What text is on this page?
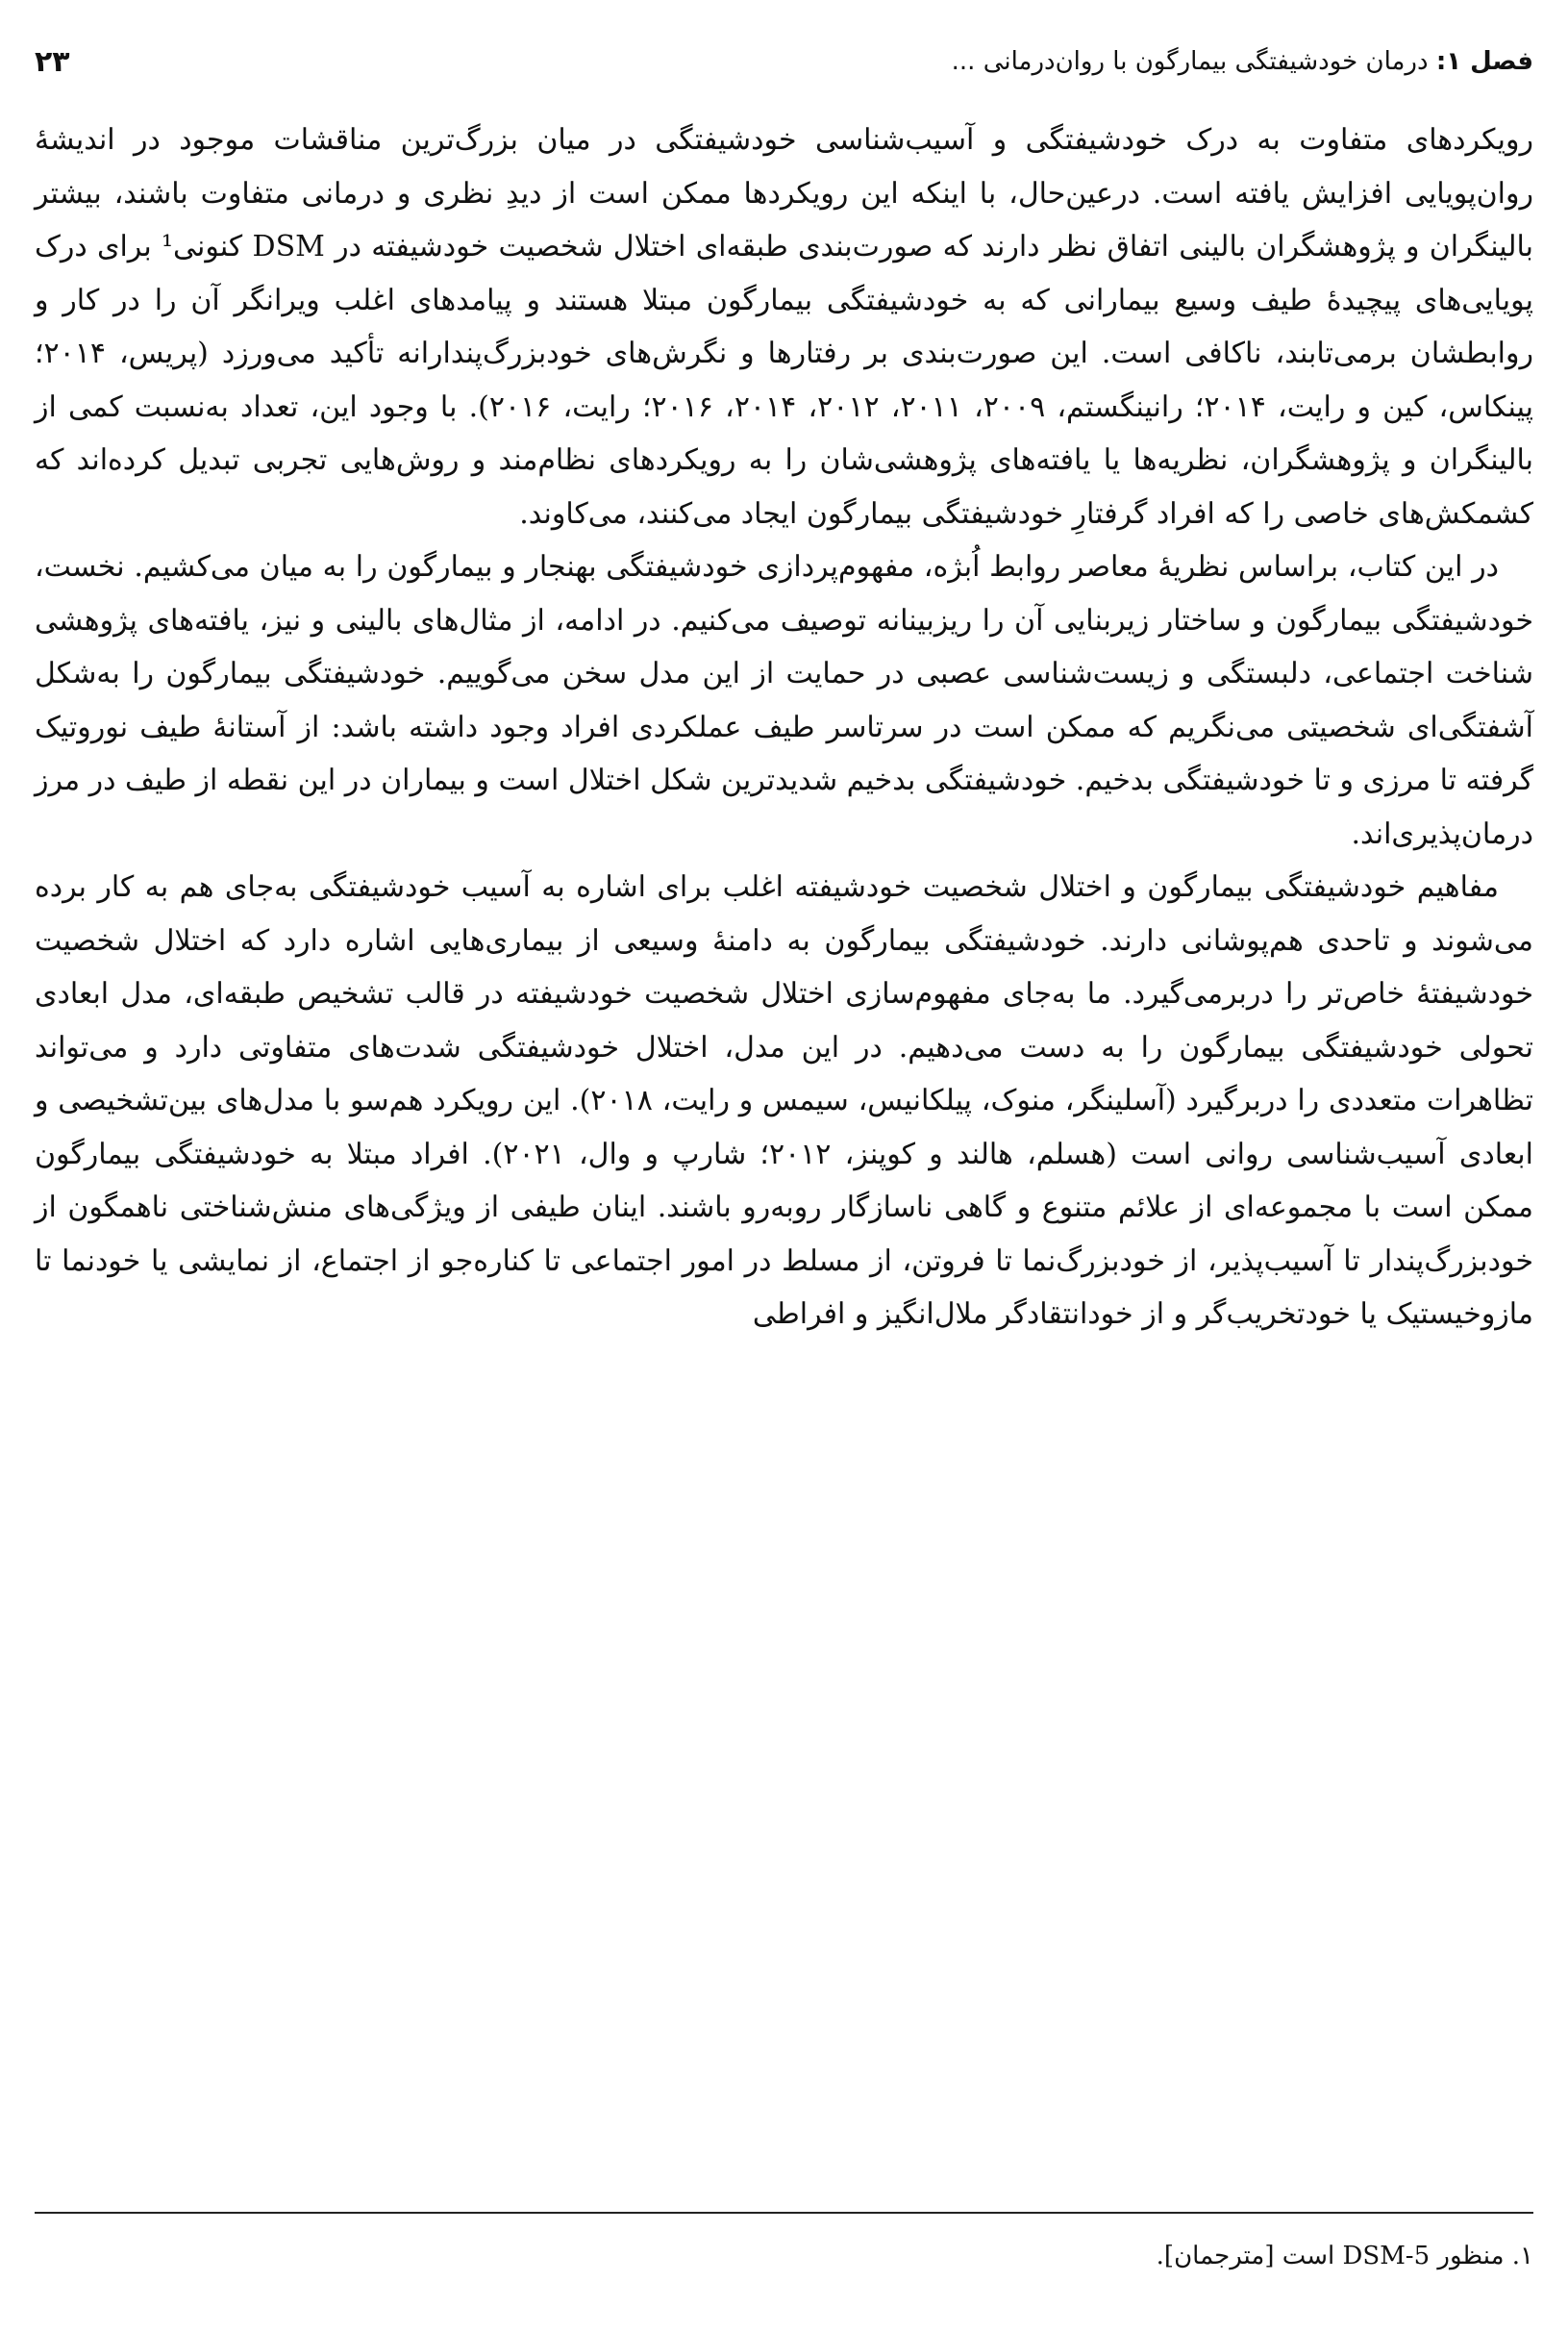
فصل ۱: درمان خودشیفتگی بیمارگون با روان‌درمانی ...
۲۳

رویکردهای متفاوت به درک خودشیفتگی و آسیب‌شناسی خودشیفتگی در میان بزرگ‌ترین مناقشات موجود در اندیشهٔ روان‌پویایی افزایش یافته است. درعین‌حال، با اینکه این رویکردها ممکن است از دیدِ نظری و درمانی متفاوت باشند، بیشتر بالینگران و پژوهشگران بالینی اتفاق نظر دارند که صورت‌بندی طبقه‌ای اختلال شخصیت خودشیفته در DSM کنونی¹ برای درک پویایی‌های پیچیدهٔ طیف وسیع بیمارانی که به خودشیفتگی بیمارگون مبتلا هستند و پیامدهای اغلب ویرانگر آن را در کار و روابطشان برمی‌تابند، ناکافی است. این صورت‌بندی بر رفتارها و نگرش‌های خودبزرگ‌پندارانه تأکید می‌ورزد (پریس، ۲۰۱۴؛ پینکاس، کین و رایت، ۲۰۱۴؛ رانینگستم، ۲۰۰۹، ۲۰۱۱، ۲۰۱۲، ۲۰۱۴، ۲۰۱۶؛ رایت، ۲۰۱۶). با وجود این، تعداد به‌نسبت کمی از بالینگران و پژوهشگران، نظریه‌ها یا یافته‌های پژوهشی‌شان را به رویکردهای نظام‌مند و روش‌هایی تجربی تبدیل کرده‌اند که کشمکش‌های خاصی را که افراد گرفتارِ خودشیفتگی بیمارگون ایجاد می‌کنند، می‌کاوند.

در این کتاب، براساس نظریهٔ معاصر روابط اُبژه، مفهوم‌پردازی خودشیفتگی بهنجار و بیمارگون را به میان می‌کشیم. نخست، خودشیفتگی بیمارگون و ساختار زیربنایی آن را ریزبینانه توصیف می‌کنیم. در ادامه، از مثال‌های بالینی و نیز، یافته‌های پژوهشی شناخت اجتماعی، دلبستگی و زیست‌شناسی عصبی در حمایت از این مدل سخن می‌گوییم. خودشیفتگی بیمارگون را به‌شکل آشفتگی‌ای شخصیتی می‌نگریم که ممکن است در سرتاسر طیف عملکردی افراد وجود داشته باشد: از آستانهٔ طیف نوروتیک گرفته تا مرزی و تا خودشیفتگی بدخیم. خودشیفتگی بدخیم شدیدترین شکل اختلال است و بیماران در این نقطه از طیف در مرز درمان‌پذیری‌اند.

مفاهیم خودشیفتگی بیمارگون و اختلال شخصیت خودشیفته اغلب برای اشاره به آسیب خودشیفتگی به‌جای هم به کار برده می‌شوند و تاحدی هم‌پوشانی دارند. خودشیفتگی بیمارگون به دامنهٔ وسیعی از بیماری‌هایی اشاره دارد که اختلال شخصیت خودشیفتهٔ خاص‌تر را دربرمی‌گیرد. ما به‌جای مفهوم‌سازی اختلال شخصیت خودشیفته در قالب تشخیص طبقه‌ای، مدل ابعادی تحولی خودشیفتگی بیمارگون را به دست می‌دهیم. در این مدل، اختلال خودشیفتگی شدت‌های متفاوتی دارد و می‌تواند تظاهرات متعددی را دربرگیرد (آسلینگر، منوک، پیلکانیس، سیمس و رایت، ۲۰۱۸). این رویکرد هم‌سو با مدل‌های بین‌تشخیصی و ابعادی آسیب‌شناسی روانی است (هسلم، هالند و کوپنز، ۲۰۱۲؛ شارپ و وال، ۲۰۲۱). افراد مبتلا به خودشیفتگی بیمارگون ممکن است با مجموعه‌ای از علائم متنوع و گاهی ناسازگار روبه‌رو باشند. اینان طیفی از ویژگی‌های منش‌شناختی ناهمگون از خودبزرگ‌پندار تا آسیب‌پذیر، از خودبزرگ‌نما تا فروتن، از مسلط در امور اجتماعی تا کناره‌جو از اجتماع، از نمایشی یا خودنما تا مازوخیستیک یا خودتخریب‌گر و از خودانتقادگر ملال‌انگیز و افراطی

۱. منظور DSM-5 است [مترجمان].
